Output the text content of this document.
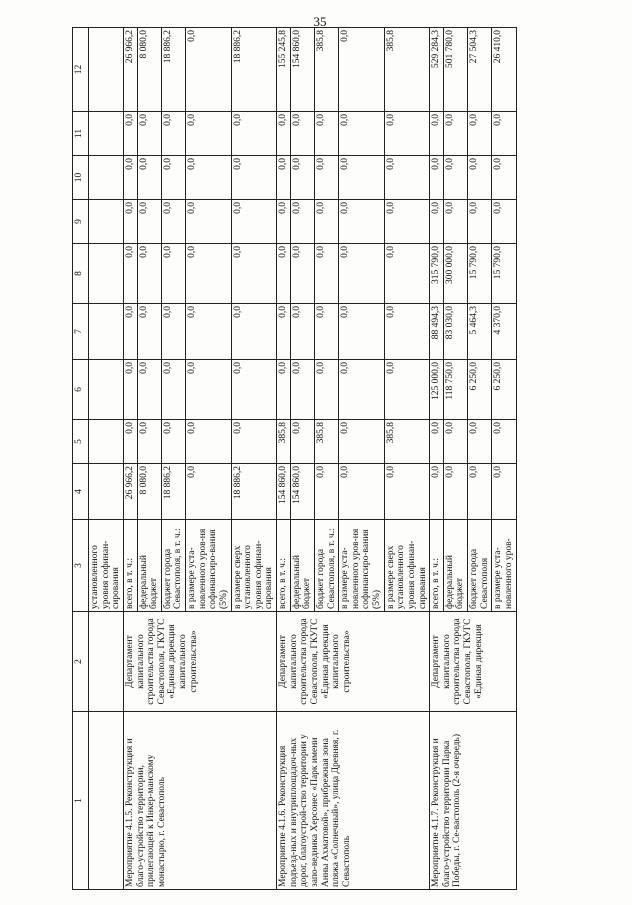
35
1	2	3	4	5	6	7	8	9	10	11	12
		установленного уровня софинан-сирования									
Мероприятие 4.1.5. Реконструкция и благо-устройство территории, прилегающей к Инкер-манскому монастырю, г. Севастополь	Департамент капитального строительства города Севастополя, ГКУГС «Единая дирекция капитального строительства»	всего, в т. ч.:	26 966,2	0,0	0,0	0,0	0,0	0,0	0,0	0,0	26 966,2
		федеральный бюджет	8 080,0	0,0	0,0	0,0	0,0	0,0	0,0	0,0	8 080,0
		бюджет города Севастополя, в т. ч.:	18 886,2	0,0	0,0	0,0	0,0	0,0	0,0	0,0	18 886,2
		в размере уста-новленного уров-ня софинансиро-вания (5%)	0,0	0,0	0,0	0,0	0,0	0,0	0,0	0,0	0,0
		в размере сверх установленного уровня софинан-сирования	18 886,2	0,0	0,0	0,0	0,0	0,0	0,0	0,0	18 886,2
Мероприятие 4.1.6. Реконструкция подъезд-ных и внутриплощадоч-ных дорог, благоустрой-ство территории у запо-ведника Херсонес «Парк имени Анны Ахматовой», прибрежная зона пляжа «Солнечный», улица Древняя, г. Севастополь	Департамент капитального строительства города Севастополя, ГКУГС «Единая дирекция капитального строительства»	всего, в т. ч.:	154 860,0	385,8	0,0	0,0	0,0	0,0	0,0	0,0	155 245,8
		федеральный бюджет	154 860,0	0,0	0,0	0,0	0,0	0,0	0,0	0,0	154 860,0
		бюджет города Севастополя, в т. ч.:	0,0	385,8	0,0	0,0	0,0	0,0	0,0	0,0	385,8
		в размере уста-новленного уров-ня софинансиро-вания (5%)	0,0	0,0	0,0	0,0	0,0	0,0	0,0	0,0	0,0
		в размере сверх установленного уровня софинан-сирования	0,0	385,8	0,0	0,0	0,0	0,0	0,0	0,0	385,8
Мероприятие 4.1.7. Реконструкция и благо-устройство территории Парка Победы, г. Се-вастополь (2-я очередь)	Департамент капитального строительства города Севастополя, ГКУГС «Единая дирекция	всего, в т. ч.:	0,0	0,0	125 000,0	88 494,3	315 790,0	0,0	0,0	0,0	529 284,3
		федеральный бюджет	0,0	0,0	118 750,0	83 030,0	300 000,0	0,0	0,0	0,0	501 780,0
		бюджет города Севастополя	0,0	0,0	6 250,0	5 464,3	15 790,0	0,0	0,0	0,0	27 504,3
		в размере уста-новленного уров-	0,0	0,0	6 250,0	4 370,0	15 790,0	0,0	0,0	0,0	26 410,0
